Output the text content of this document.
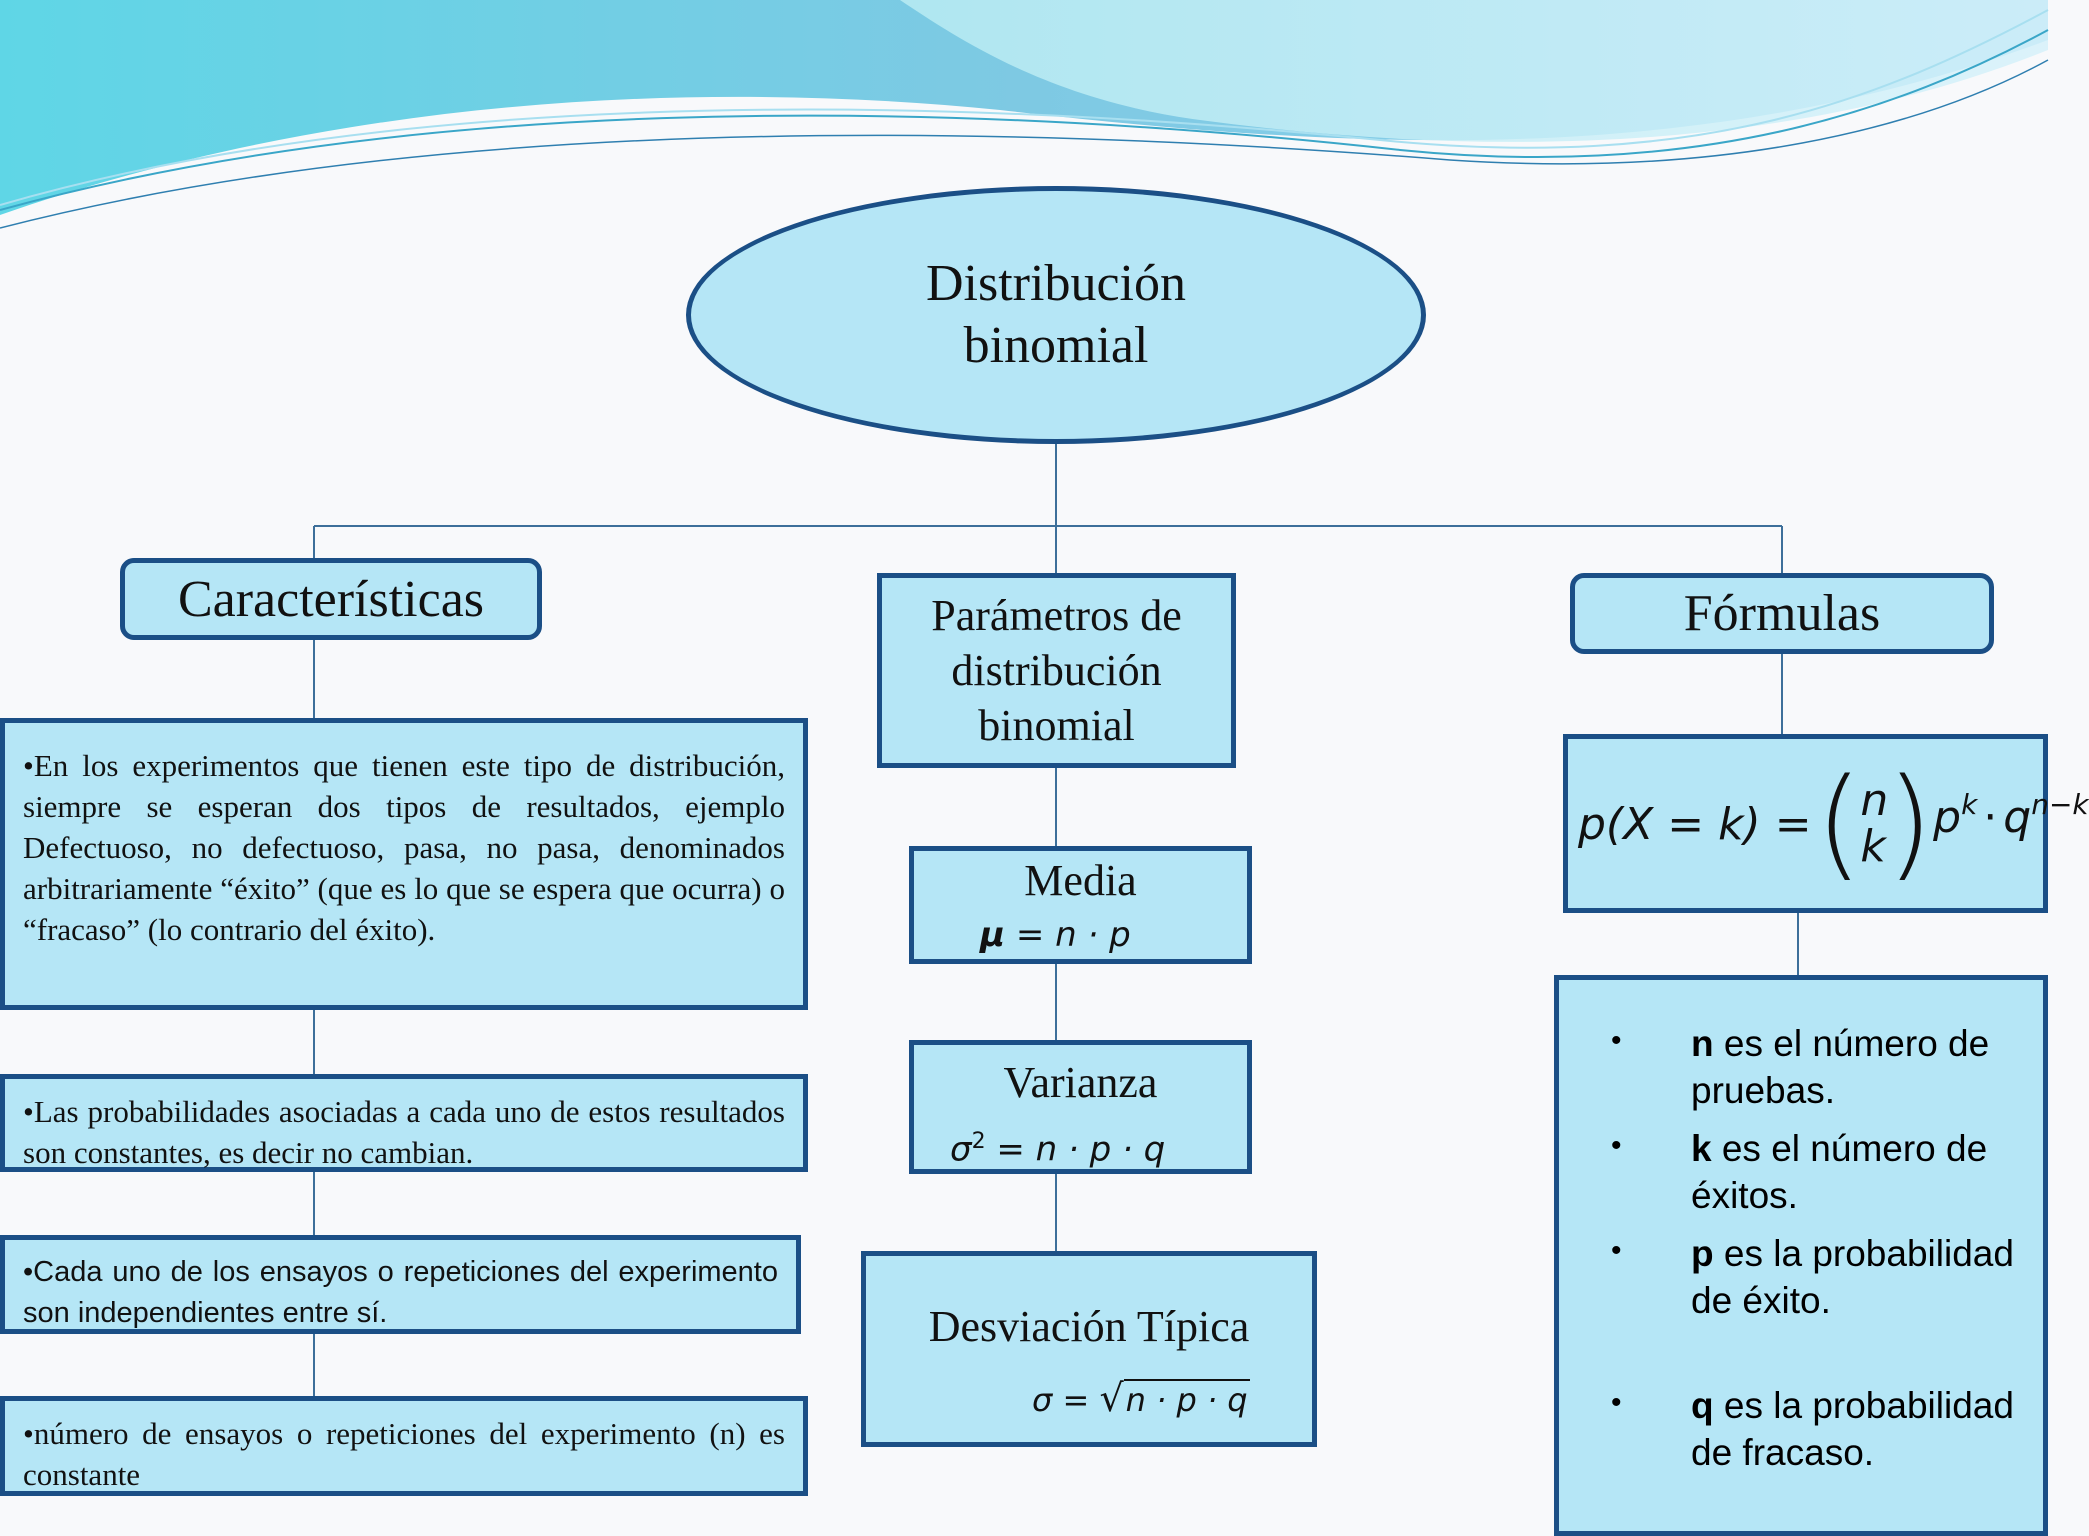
Distribución
binomial
Características
•En los experimentos que tienen este tipo de distribución, siempre se esperan dos tipos de resultados, ejemplo Defectuoso, no defectuoso, pasa, no pasa, denominados arbitrariamente “éxito” (que es lo que se espera que ocurra) o “fracaso” (lo contrario del éxito).
•Las probabilidades asociadas a cada uno de estos resultados son constantes, es decir no cambian.
•Cada uno de los ensayos o repeticiones del experimento son independientes entre sí.
•número de ensayos o repeticiones del experimento (n) es constante
Parámetros de
distribución
binomial
Media
μ = n · p
Varianza
$\sigma^2 = n \cdot p \cdot q$
Desviación Típica
σ = √n · p · q
Fórmulas
p(X = k) = (
n
k ) $p^k \cdot q^{n-k}$
• n es el número de pruebas.
• k es el número de éxitos.
• p es la probabilidad de éxito.
• q es la probabilidad de fracaso.
